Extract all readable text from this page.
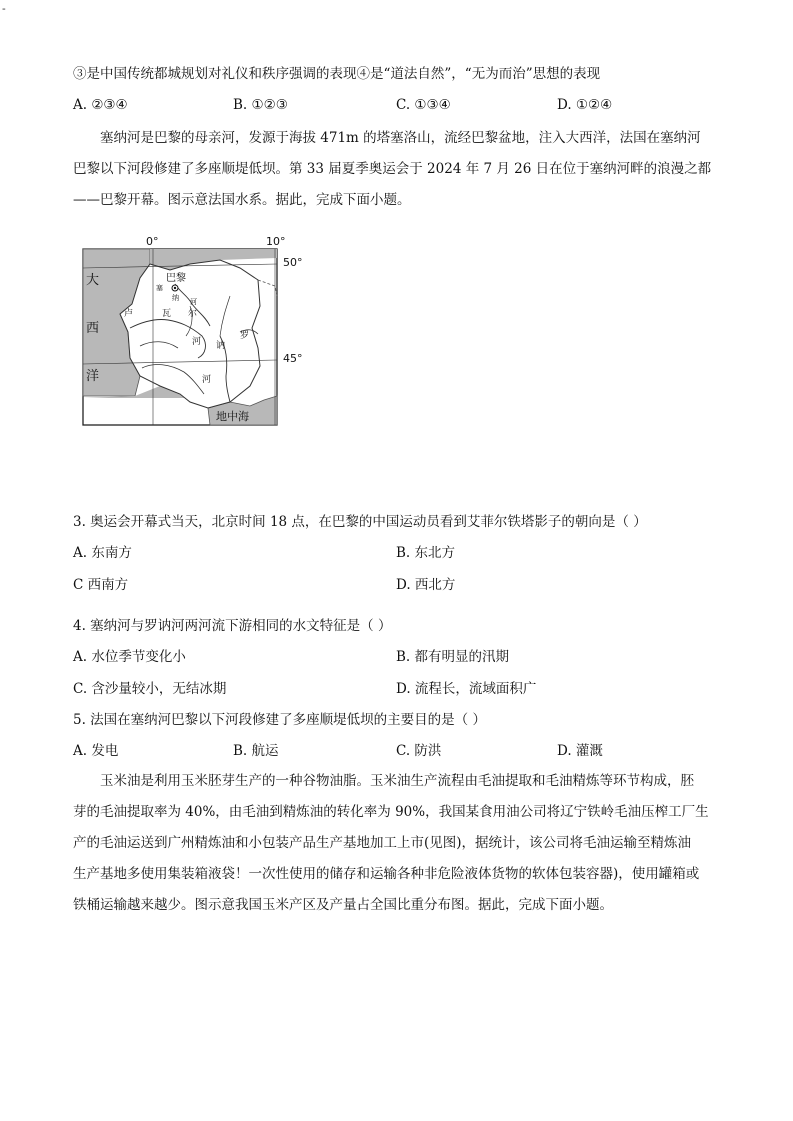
-
③是中国传统都城规划对礼仪和秩序强调的表现④是“道法自然”，“无为而治”思想的表现
A. ②③④	B. ①②③	C. ①③④	D. ①②④
塞纳河是巴黎的母亲河，发源于海拔 471m 的塔塞洛山，流经巴黎盆地，注入大西洋，法国在塞纳河
巴黎以下河段修建了多座顺堤低坝。第 33 届夏季奥运会于 2024 年 7 月 26 日在位于塞纳河畔的浪漫之都
——巴黎开幕。图示意法国水系。据此，完成下面小题。
0°	10°
50°
45°
大
西
洋
地中海
巴黎
塞
纳 河
卢	瓦 尔
河
罗
讷
河
3. 奥运会开幕式当天，北京时间 18 点，在巴黎的中国运动员看到艾菲尔铁塔影子的朝向是（ ）
A. 东南方	B. 东北方
C 西南方	D. 西北方
4. 塞纳河与罗讷河两河流下游相同的水文特征是（ ）
A. 水位季节变化小	B. 都有明显的汛期
C. 含沙量较小，无结冰期	D. 流程长，流域面积广
5. 法国在塞纳河巴黎以下河段修建了多座顺堤低坝的主要目的是（ ）
A. 发电	B. 航运	C. 防洪	D. 灌溉
玉米油是利用玉米胚芽生产的一种谷物油脂。玉米油生产流程由毛油提取和毛油精炼等环节构成，胚
芽的毛油提取率为 40%，由毛油到精炼油的转化率为 90%，我国某食用油公司将辽宁铁岭毛油压榨工厂生
产的毛油运送到广州精炼油和小包装产品生产基地加工上市(见图)，据统计，该公司将毛油运输至精炼油
生产基地多使用集装箱液袋！一次性使用的储存和运输各种非危险液体货物的软体包装容器)，使用罐箱或
铁桶运输越来越少。图示意我国玉米产区及产量占全国比重分布图。据此，完成下面小题。
